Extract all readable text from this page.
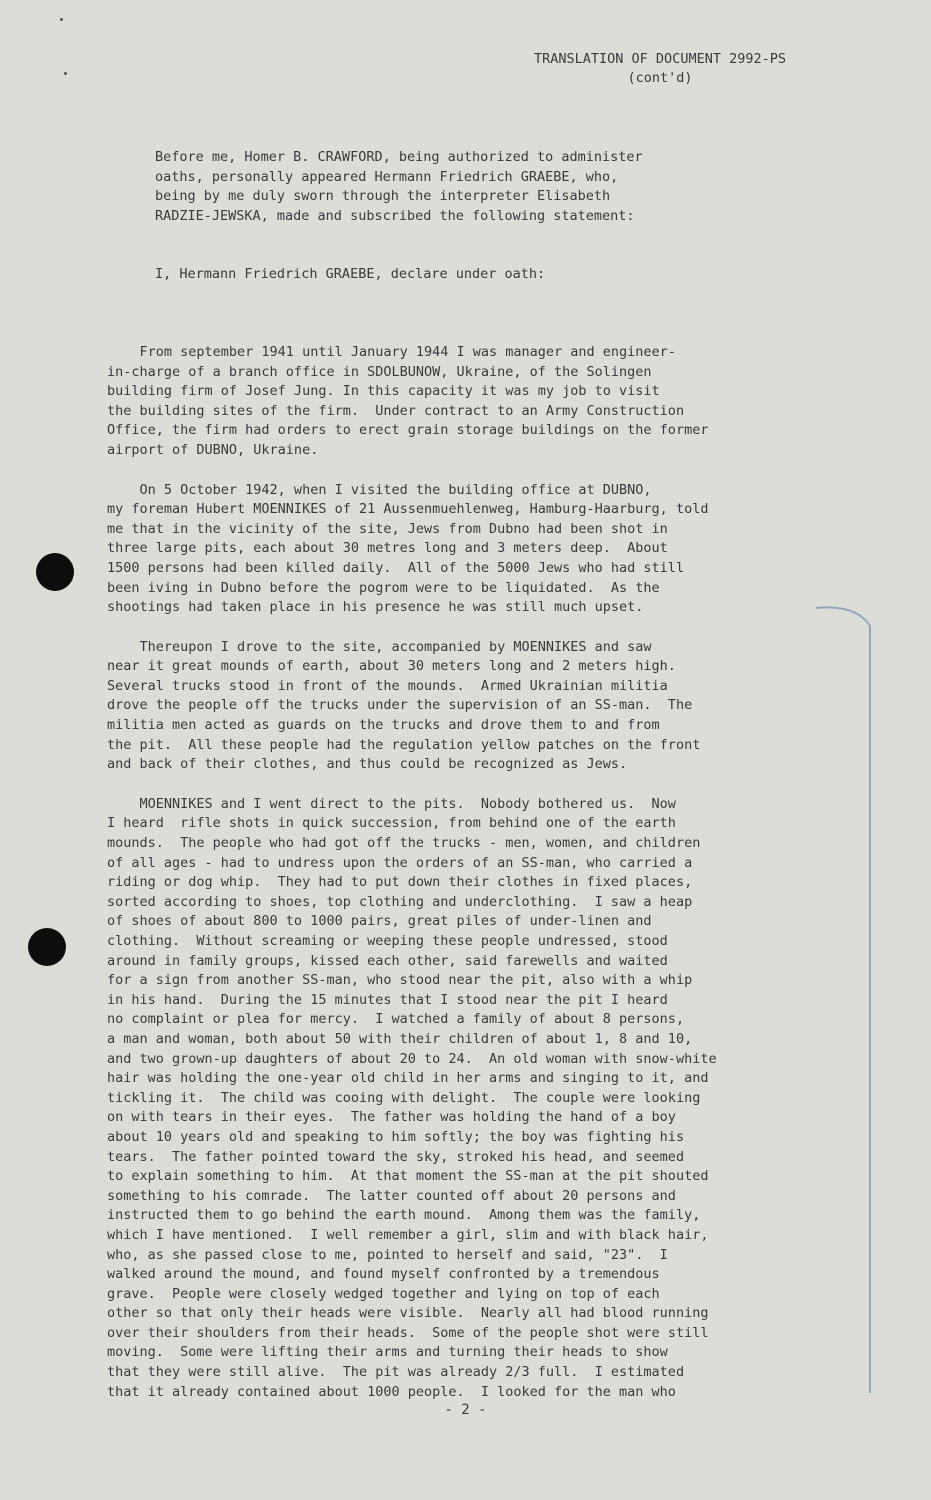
TRANSLATION OF DOCUMENT 2992-PS
(cont'd)
Before me, Homer B. CRAWFORD, being authorized to administer
oaths, personally appeared Hermann Friedrich GRAEBE, who,
being by me duly sworn through the interpreter Elisabeth
RADZIE-JEWSKA, made and subscribed the following statement:
I, Hermann Friedrich GRAEBE, declare under oath:
From september 1941 until January 1944 I was manager and engineer-
in-charge of a branch office in SDOLBUNOW, Ukraine, of the Solingen
building firm of Josef Jung. In this capacity it was my job to visit
the building sites of the firm.  Under contract to an Army Construction
Office, the firm had orders to erect grain storage buildings on the former
airport of DUBNO, Ukraine.
On 5 October 1942, when I visited the building office at DUBNO,
my foreman Hubert MOENNIKES of 21 Aussenmuehlenweg, Hamburg-Haarburg, told
me that in the vicinity of the site, Jews from Dubno had been shot in
three large pits, each about 30 metres long and 3 meters deep.  About
1500 persons had been killed daily.  All of the 5000 Jews who had still
been iving in Dubno before the pogrom were to be liquidated.  As the
shootings had taken place in his presence he was still much upset.
Thereupon I drove to the site, accompanied by MOENNIKES and saw
near it great mounds of earth, about 30 meters long and 2 meters high.
Several trucks stood in front of the mounds.  Armed Ukrainian militia
drove the people off the trucks under the supervision of an SS-man.  The
militia men acted as guards on the trucks and drove them to and from
the pit.  All these people had the regulation yellow patches on the front
and back of their clothes, and thus could be recognized as Jews.
MOENNIKES and I went direct to the pits.  Nobody bothered us.  Now
I heard  rifle shots in quick succession, from behind one of the earth
mounds.  The people who had got off the trucks - men, women, and children
of all ages - had to undress upon the orders of an SS-man, who carried a
riding or dog whip.  They had to put down their clothes in fixed places,
sorted according to shoes, top clothing and underclothing.  I saw a heap
of shoes of about 800 to 1000 pairs, great piles of under-linen and
clothing.  Without screaming or weeping these people undressed, stood
around in family groups, kissed each other, said farewells and waited
for a sign from another SS-man, who stood near the pit, also with a whip
in his hand.  During the 15 minutes that I stood near the pit I heard
no complaint or plea for mercy.  I watched a family of about 8 persons,
a man and woman, both about 50 with their children of about 1, 8 and 10,
and two grown-up daughters of about 20 to 24.  An old woman with snow-white
hair was holding the one-year old child in her arms and singing to it, and
tickling it.  The child was cooing with delight.  The couple were looking
on with tears in their eyes.  The father was holding the hand of a boy
about 10 years old and speaking to him softly; the boy was fighting his
tears.  The father pointed toward the sky, stroked his head, and seemed
to explain something to him.  At that moment the SS-man at the pit shouted
something to his comrade.  The latter counted off about 20 persons and
instructed them to go behind the earth mound.  Among them was the family,
which I have mentioned.  I well remember a girl, slim and with black hair,
who, as she passed close to me, pointed to herself and said, "23".  I
walked around the mound, and found myself confronted by a tremendous
grave.  People were closely wedged together and lying on top of each
other so that only their heads were visible.  Nearly all had blood running
over their shoulders from their heads.  Some of the people shot were still
moving.  Some were lifting their arms and turning their heads to show
that they were still alive.  The pit was already 2/3 full.  I estimated
that it already contained about 1000 people.  I looked for the man who
- 2 -
